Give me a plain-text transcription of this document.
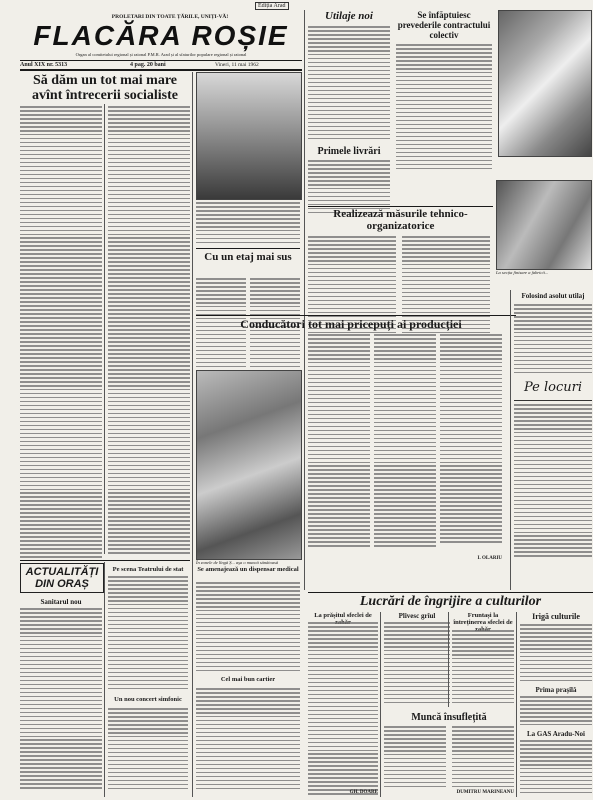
Ediția Arad
PROLETARI DIN TOATE ȚĂRILE, UNIȚI-VĂ!
FLACĂRA ROȘIE
Organ al comitetului regional și raional P.M.R. Arad și al sfaturilor populare regional și raional
Anul XIX nr. 5313	4 pag. 20 bani	Vineri, 11 mai 1962
Să dăm un tot mai mare avînt întrecerii socialiste
Cu un etaj mai sus
În zonele de lîngă Ș... aşa o muncă sănătoasă
Utilaje noi
Primele livrări
Se înfăptuiesc prevederile contractului colectiv
Realizează măsurile tehnico-organizatorice
La secția finisare a fabricii...
Conducători tot mai pricepuți ai producției
I. OLARIU
Folosind asolut utilaj
Pe locuri
Lucrări de îngrijire a culturilor
ACTUALITĂȚI DIN ORAȘ
Sanitarul nou
Pe scena Teatrului de stat
Un nou concert simfonic
Se amenajează un dispensar medical
Cel mai bun cartier
La prășitul sfeclei de
GH. DOARE
Plivesc grîul
Muncă însuflețită
DUMITRU MARINEANU
Fruntași la întreținerea sfeclei de
Irigă culturile
Prima praşilă
La GAS Aradu-Noi
